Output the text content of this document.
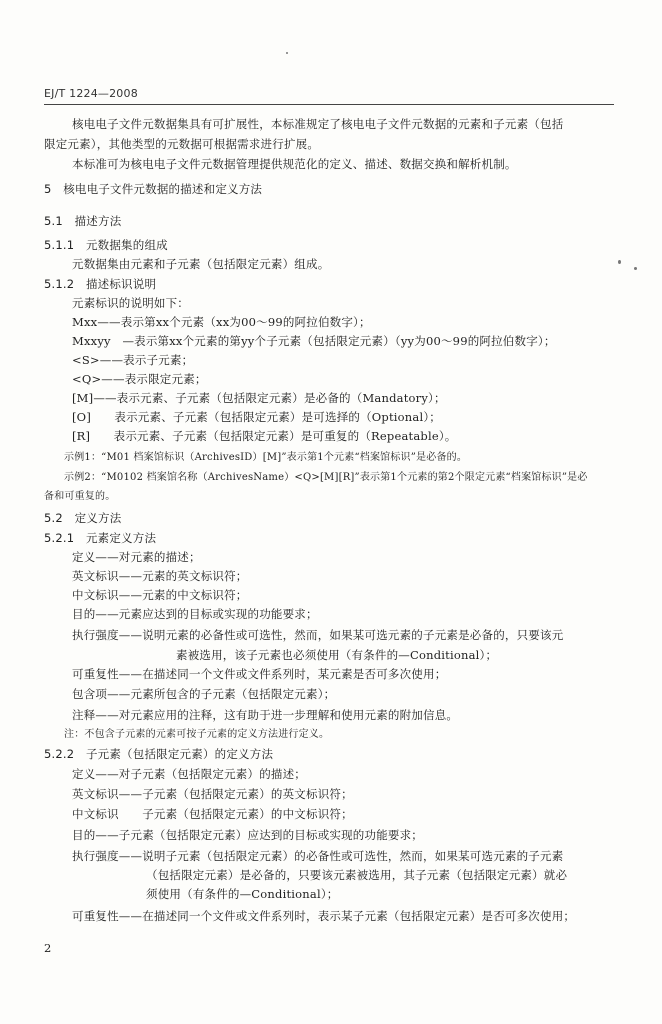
EJ/T 1224—2008
核电电子文件元数据集具有可扩展性，本标准规定了核电电子文件元数据的元素和子元素（包括
限定元素），其他类型的元数据可根据需求进行扩展。
本标准可为核电电子文件元数据管理提供规范化的定义、描述、数据交换和解析机制。
5　核电电子文件元数据的描述和定义方法
5.1　描述方法
5.1.1　元数据集的组成
元数据集由元素和子元素（包括限定元素）组成。
5.1.2　描述标识说明
元素标识的说明如下：
Mxx——表示第xx个元素（xx为00～99的阿拉伯数字）；
Mxxyy　—表示第xx个元素的第yy个子元素（包括限定元素）（yy为00～99的阿拉伯数字）；
<S>——表示子元素；
<Q>——表示限定元素；
[M]——表示元素、子元素（包括限定元素）是必备的（Mandatory）；
[O]　　表示元素、子元素（包括限定元素）是可选择的（Optional）；
[R]　　表示元素、子元素（包括限定元素）是可重复的（Repeatable）。
示例1：“M01 档案馆标识（ArchivesID）[M]”表示第1个元素“档案馆标识”是必备的。
示例2：“M0102 档案馆名称（ArchivesName）<Q>[M][R]”表示第1个元素的第2个限定元素“档案馆标识”是必
备和可重复的。
5.2　定义方法
5.2.1　元素定义方法
定义——对元素的描述；
英文标识——元素的英文标识符；
中文标识——元素的中文标识符；
目的——元素应达到的目标或实现的功能要求；
执行强度——说明元素的必备性或可选性，然而，如果某可选元素的子元素是必备的，只要该元
素被选用，该子元素也必须使用（有条件的—Conditional）；
可重复性——在描述同一个文件或文件系列时，某元素是否可多次使用；
包含项——元素所包含的子元素（包括限定元素）；
注释——对元素应用的注释，这有助于进一步理解和使用元素的附加信息。
注：不包含子元素的元素可按子元素的定义方法进行定义。
5.2.2　子元素（包括限定元素）的定义方法
定义——对子元素（包括限定元素）的描述；
英文标识——子元素（包括限定元素）的英文标识符；
中文标识　　子元素（包括限定元素）的中文标识符；
目的——子元素（包括限定元素）应达到的目标或实现的功能要求；
执行强度——说明子元素（包括限定元素）的必备性或可选性，然而，如果某可选元素的子元素
（包括限定元素）是必备的，只要该元素被选用，其子元素（包括限定元素）就必
须使用（有条件的—Conditional）；
可重复性——在描述同一个文件或文件系列时，表示某子元素（包括限定元素）是否可多次使用；
2
